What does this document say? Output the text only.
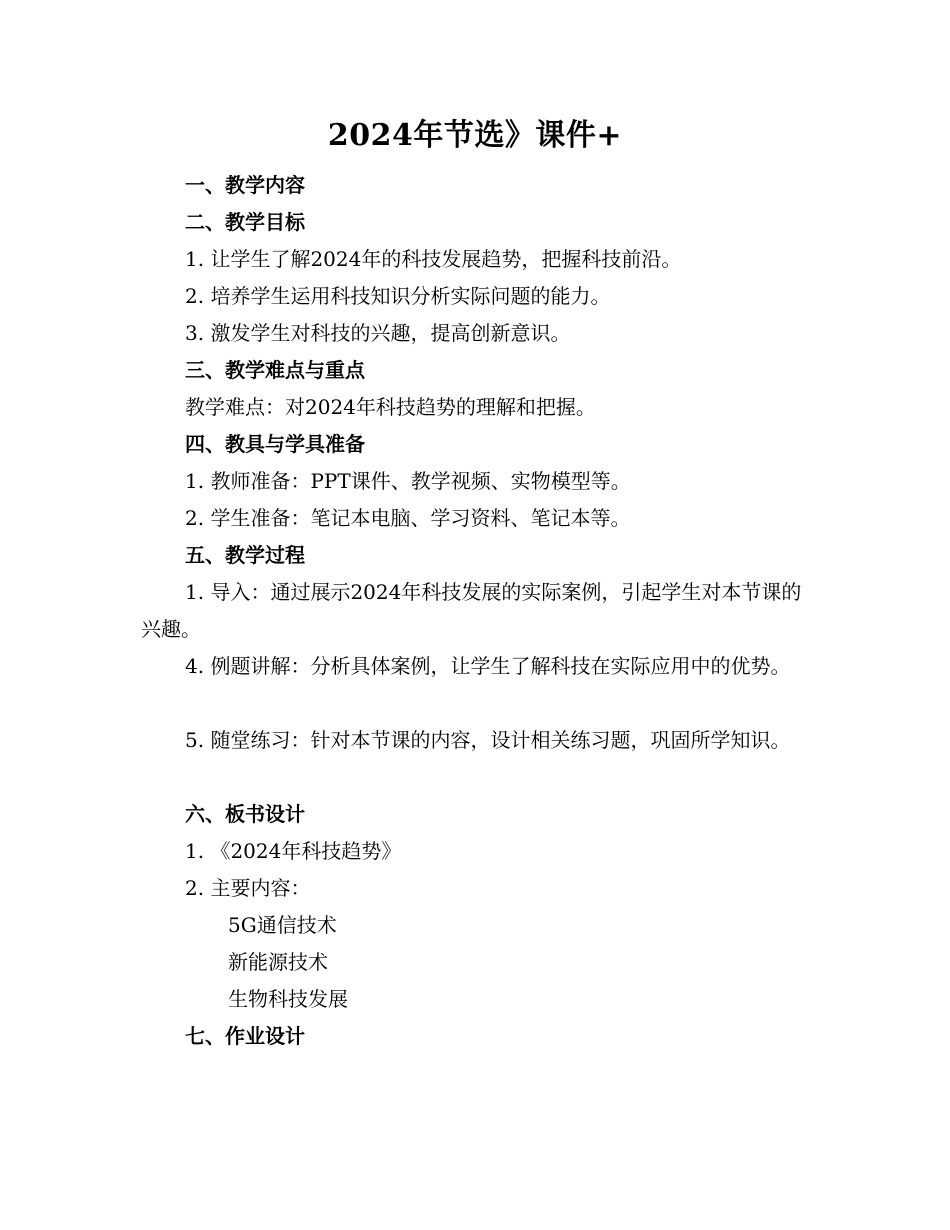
2024年节选》课件+
一、教学内容
二、教学目标
1. 让学生了解2024年的科技发展趋势，把握科技前沿。
2. 培养学生运用科技知识分析实际问题的能力。
3. 激发学生对科技的兴趣，提高创新意识。
三、教学难点与重点
教学难点：对2024年科技趋势的理解和把握。
四、教具与学具准备
1. 教师准备：PPT课件、教学视频、实物模型等。
2. 学生准备：笔记本电脑、学习资料、笔记本等。
五、教学过程
1. 导入：通过展示2024年科技发展的实际案例，引起学生对本节课的兴趣。
4. 例题讲解：分析具体案例，让学生了解科技在实际应用中的优势。
5. 随堂练习：针对本节课的内容，设计相关练习题，巩固所学知识。
六、板书设计
1. 《2024年科技趋势》
2. 主要内容：
5G通信技术
新能源技术
生物科技发展
七、作业设计
